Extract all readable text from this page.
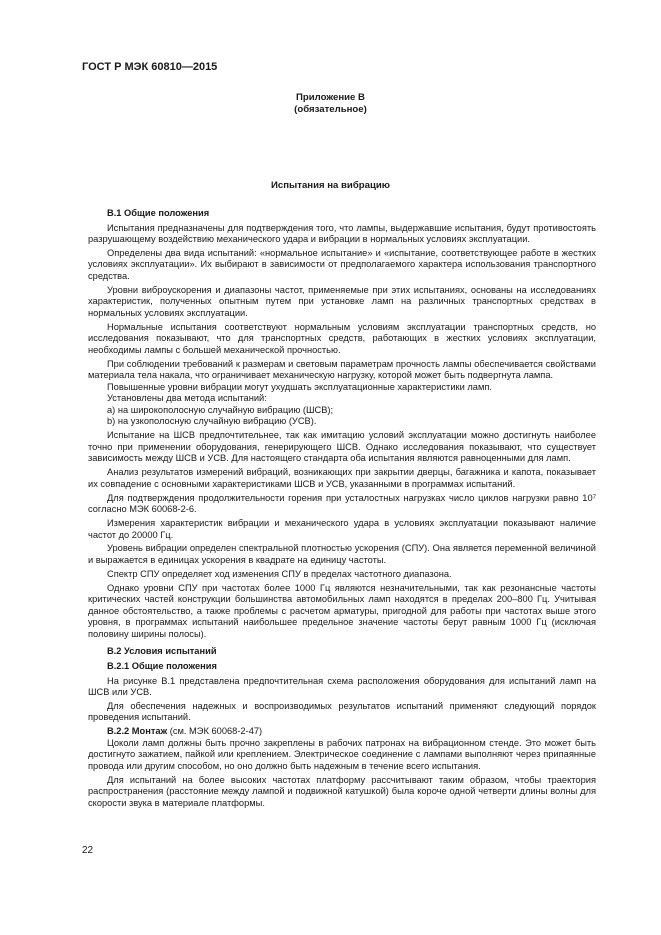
ГОСТ Р МЭК 60810—2015
Приложение В
(обязательное)
Испытания на вибрацию

В.1 Общие положения

Испытания предназначены для подтверждения того, что лампы, выдержавшие испытания, будут противостоять разрушающему воздействию механического удара и вибрации в нормальных условиях эксплуатации.

Определены два вида испытаний: «нормальное испытание» и «испытание, соответствующее работе в жестких условиях эксплуатации». Их выбирают в зависимости от предполагаемого характера использования транспортного средства.

Уровни виброускорения и диапазоны частот, применяемые при этих испытаниях, основаны на исследованиях характеристик, полученных опытным путем при установке ламп на различных транспортных средствах в нормальных условиях эксплуатации.

Нормальные испытания соответствуют нормальным условиям эксплуатации транспортных средств, но исследования показывают, что для транспортных средств, работающих в жестких условиях эксплуатации, необходимы лампы с большей механической прочностью.

При соблюдении требований к размерам и световым параметрам прочность лампы обеспечивается свойствами материала тела накала, что ограничивает механическую нагрузку, которой может быть подвергнута лампа.

Повышенные уровни вибрации могут ухудшать эксплуатационные характеристики ламп.

Установлены два метода испытаний:

a) на широкополосную случайную вибрацию (ШСВ);

b) на узкополосную случайную вибрацию (УСВ).

Испытание на ШСВ предпочтительнее, так как имитацию условий эксплуатации можно достигнуть наиболее точно при применении оборудования, генерирующего ШСВ. Однако исследования показывают, что существует зависимость между ШСВ и УСВ. Для настоящего стандарта оба испытания являются равноценными для ламп.

Анализ результатов измерений вибраций, возникающих при закрытии дверцы, багажника и капота, показывает их совпадение с основными характеристиками ШСВ и УСВ, указанными в программах испытаний.

Для подтверждения продолжительности горения при усталостных нагрузках число циклов нагрузки равно 10⁷ согласно МЭК 60068-2-6.

Измерения характеристик вибрации и механического удара в условиях эксплуатации показывают наличие частот до 20000 Гц.

Уровень вибрации определен спектральной плотностью ускорения (СПУ). Она является переменной величиной и выражается в единицах ускорения в квадрате на единицу частоты.

Спектр СПУ определяет ход изменения СПУ в пределах частотного диапазона.

Однако уровни СПУ при частотах более 1000 Гц являются незначительными, так как резонансные частоты критических частей конструкции большинства автомобильных ламп находятся в пределах 200–800 Гц. Учитывая данное обстоятельство, а также проблемы с расчетом арматуры, пригодной для работы при частотах выше этого уровня, в программах испытаний наибольшее предельное значение частоты берут равным 1000 Гц (исключая половину ширины полосы).

В.2 Условия испытаний

В.2.1 Общие положения

На рисунке В.1 представлена предпочтительная схема расположения оборудования для испытаний ламп на ШСВ или УСВ.

Для обеспечения надежных и воспроизводимых результатов испытаний применяют следующий порядок проведения испытаний.

В.2.2 Монтаж (см. МЭК 60068-2-47)

Цоколи ламп должны быть прочно закреплены в рабочих патронах на вибрационном стенде. Это может быть достигнуто зажатием, пайкой или креплением. Электрическое соединение с лампами выполняют через припаянные провода или другим способом, но оно должно быть надежным в течение всего испытания.

Для испытаний на более высоких частотах платформу рассчитывают таким образом, чтобы траектория распространения (расстояние между лампой и подвижной катушкой) была короче одной четверти длины волны для скорости звука в материале платформы.

22
